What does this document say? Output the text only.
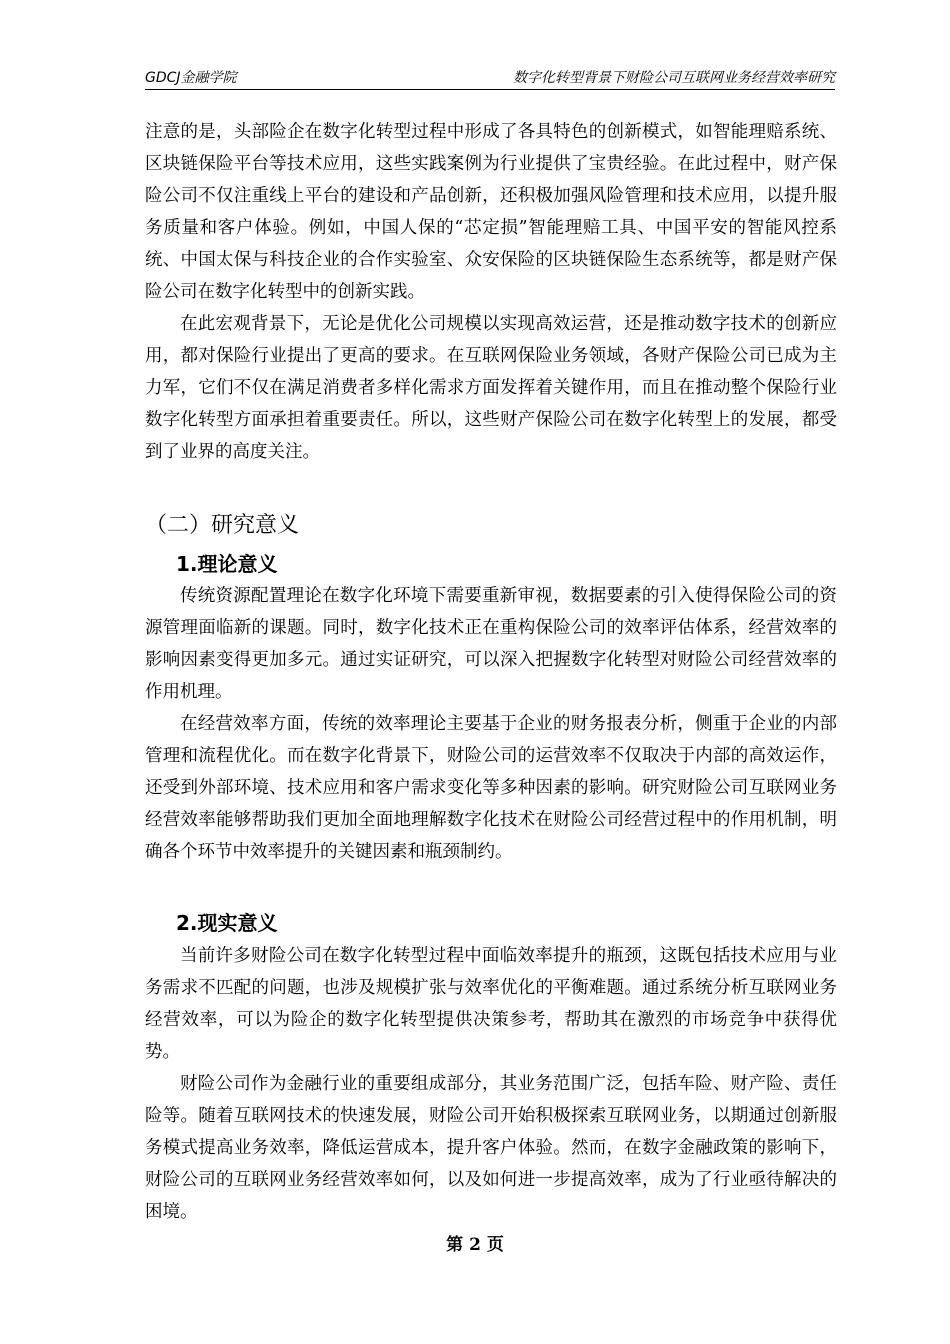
GDCJ金融学院	数字化转型背景下财险公司互联网业务经营效率研究

注意的是，头部险企在数字化转型过程中形成了各具特色的创新模式，如智能理赔系统、区块链保险平台等技术应用，这些实践案例为行业提供了宝贵经验。在此过程中，财产保险公司不仅注重线上平台的建设和产品创新，还积极加强风险管理和技术应用，以提升服务质量和客户体验。例如，中国人保的“芯定损”智能理赔工具、中国平安的智能风控系统、中国太保与科技企业的合作实验室、众安保险的区块链保险生态系统等，都是财产保险公司在数字化转型中的创新实践。

在此宏观背景下，无论是优化公司规模以实现高效运营，还是推动数字技术的创新应用，都对保险行业提出了更高的要求。在互联网保险业务领域，各财产保险公司已成为主力军，它们不仅在满足消费者多样化需求方面发挥着关键作用，而且在推动整个保险行业数字化转型方面承担着重要责任。所以，这些财产保险公司在数字化转型上的发展，都受到了业界的高度关注。

（二）研究意义
1.理论意义

传统资源配置理论在数字化环境下需要重新审视，数据要素的引入使得保险公司的资源管理面临新的课题。同时，数字化技术正在重构保险公司的效率评估体系，经营效率的影响因素变得更加多元。通过实证研究，可以深入把握数字化转型对财险公司经营效率的作用机理。

在经营效率方面，传统的效率理论主要基于企业的财务报表分析，侧重于企业的内部管理和流程优化。而在数字化背景下，财险公司的运营效率不仅取决于内部的高效运作，还受到外部环境、技术应用和客户需求变化等多种因素的影响。研究财险公司互联网业务经营效率能够帮助我们更加全面地理解数字化技术在财险公司经营过程中的作用机制，明确各个环节中效率提升的关键因素和瓶颈制约。

2.现实意义

当前许多财险公司在数字化转型过程中面临效率提升的瓶颈，这既包括技术应用与业务需求不匹配的问题，也涉及规模扩张与效率优化的平衡难题。通过系统分析互联网业务经营效率，可以为险企的数字化转型提供决策参考，帮助其在激烈的市场竞争中获得优势。

财险公司作为金融行业的重要组成部分，其业务范围广泛，包括车险、财产险、责任险等。随着互联网技术的快速发展，财险公司开始积极探索互联网业务，以期通过创新服务模式提高业务效率，降低运营成本，提升客户体验。然而，在数字金融政策的影响下，财险公司的互联网业务经营效率如何，以及如何进一步提高效率，成为了行业亟待解决的困境。

第 2 页
